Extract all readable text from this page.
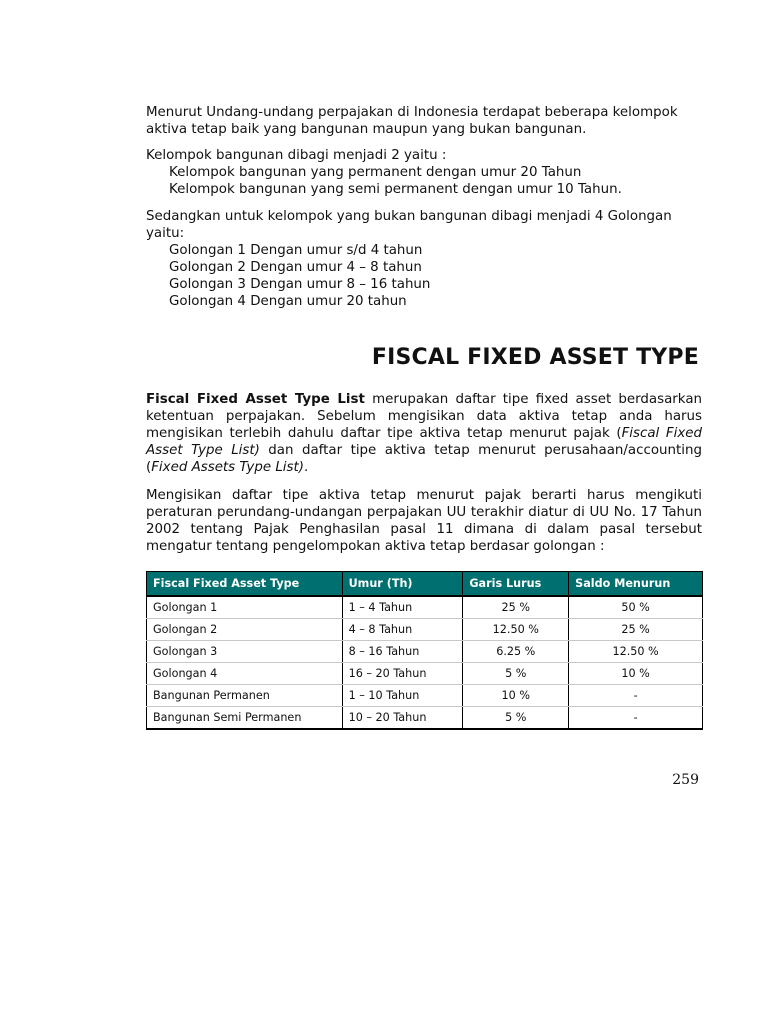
Menurut Undang-undang perpajakan di Indonesia terdapat beberapa kelompok aktiva tetap baik yang bangunan maupun yang bukan bangunan.

Kelompok bangunan dibagi menjadi 2 yaitu :
Kelompok bangunan yang permanent dengan umur 20 Tahun
Kelompok bangunan yang semi permanent dengan umur 10 Tahun.
Sedangkan untuk kelompok yang bukan bangunan dibagi menjadi 4 Golongan yaitu:
Golongan 1 Dengan umur s/d 4 tahun
Golongan 2 Dengan umur 4 – 8 tahun
Golongan 3 Dengan umur 8 – 16 tahun
Golongan 4 Dengan umur 20 tahun
FISCAL FIXED ASSET TYPE

Fiscal Fixed Asset Type List merupakan daftar tipe fixed asset berdasarkan ketentuan perpajakan. Sebelum mengisikan data aktiva tetap anda harus mengisikan terlebih dahulu daftar tipe aktiva tetap menurut pajak (Fiscal Fixed Asset Type List) dan daftar tipe aktiva tetap menurut perusahaan/accounting (Fixed Assets Type List).

Mengisikan daftar tipe aktiva tetap menurut pajak berarti harus mengikuti peraturan perundang-undangan perpajakan UU terakhir diatur di UU No. 17 Tahun 2002 tentang Pajak Penghasilan pasal 11 dimana di dalam pasal tersebut mengatur tentang pengelompokan aktiva tetap berdasar golongan :

Fiscal Fixed Asset Type	Umur (Th)	Garis Lurus	Saldo Menurun
Golongan 1	1 – 4 Tahun	25 %	50 %
Golongan 2	4 – 8 Tahun	12.50 %	25 %
Golongan 3	8 – 16 Tahun	6.25 %	12.50 %
Golongan 4	16 – 20 Tahun	5 %	10 %
Bangunan Permanen	1 – 10 Tahun	10 %	-
Bangunan Semi Permanen	10 – 20 Tahun	5 %	-
259
